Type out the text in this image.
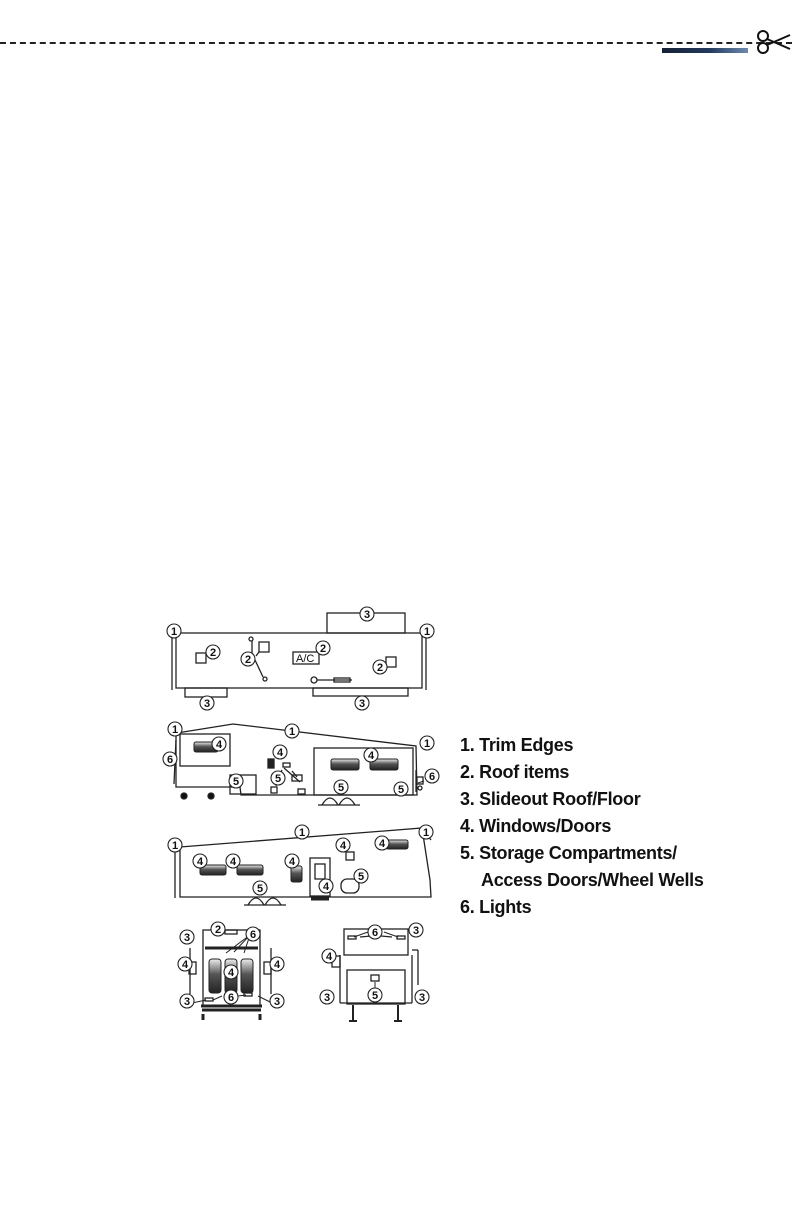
1	1
3
2
2
2
2
3	3
1	1
1
6
4
4	4
5
5	5	5
6
1
1	1
4	4
4 4	4
4
5
5
2	6
3
4	4
4
3	6	3
6	3
4
3	5	3
A/C
1. Trim Edges
2. Roof items
3. Slideout Roof/Floor
4. Windows/Doors
5. Storage Compartments/
Access Doors/Wheel Wells
6. Lights
